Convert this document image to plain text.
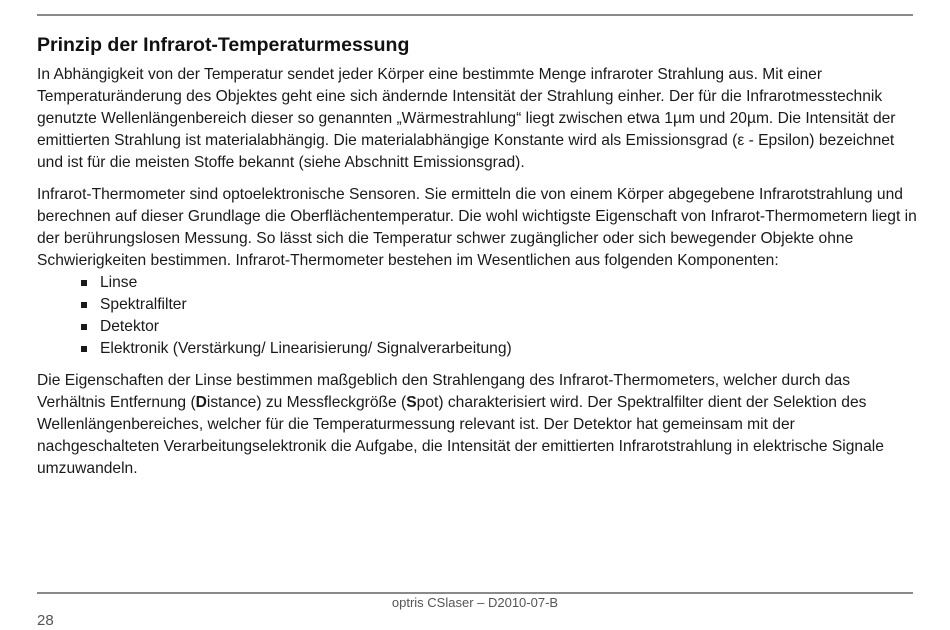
Prinzip der Infrarot-Temperaturmessung

In Abhängigkeit von der Temperatur sendet jeder Körper eine bestimmte Menge infraroter Strahlung aus. Mit einer Temperaturänderung des Objektes geht eine sich ändernde Intensität der Strahlung einher. Der für die Infrarotmesstechnik genutzte Wellenlängenbereich dieser so genannten „Wärmestrahlung“ liegt zwischen etwa 1µm und 20µm. Die Intensität der emittierten Strahlung ist materialabhängig. Die materialabhängige Konstante wird als Emissionsgrad (ε - Epsilon) bezeichnet und ist für die meisten Stoffe bekannt (siehe Abschnitt Emissionsgrad).

Infrarot-Thermometer sind optoelektronische Sensoren. Sie ermitteln die von einem Körper abgegebene Infrarotstrahlung und berechnen auf dieser Grundlage die Oberflächentemperatur. Die wohl wichtigste Eigenschaft von Infrarot-Thermometern liegt in der berührungslosen Messung. So lässt sich die Temperatur schwer zugänglicher oder sich bewegender Objekte ohne Schwierigkeiten bestimmen. Infrarot-Thermometer bestehen im Wesentlichen aus folgenden Komponenten:

Linse
Spektralfilter
Detektor
Elektronik (Verstärkung/ Linearisierung/ Signalverarbeitung)

Die Eigenschaften der Linse bestimmen maßgeblich den Strahlengang des Infrarot-Thermometers, welcher durch das Verhältnis Entfernung (Distance) zu Messfleckgröße (Spot) charakterisiert wird. Der Spektralfilter dient der Selektion des Wellenlängenbereiches, welcher für die Temperaturmessung relevant ist. Der Detektor hat gemeinsam mit der nachgeschalteten Verarbeitungselektronik die Aufgabe, die Intensität der emittierten Infrarotstrahlung in elektrische Signale umzuwandeln.

optris CSlaser – D2010-07-B
28
